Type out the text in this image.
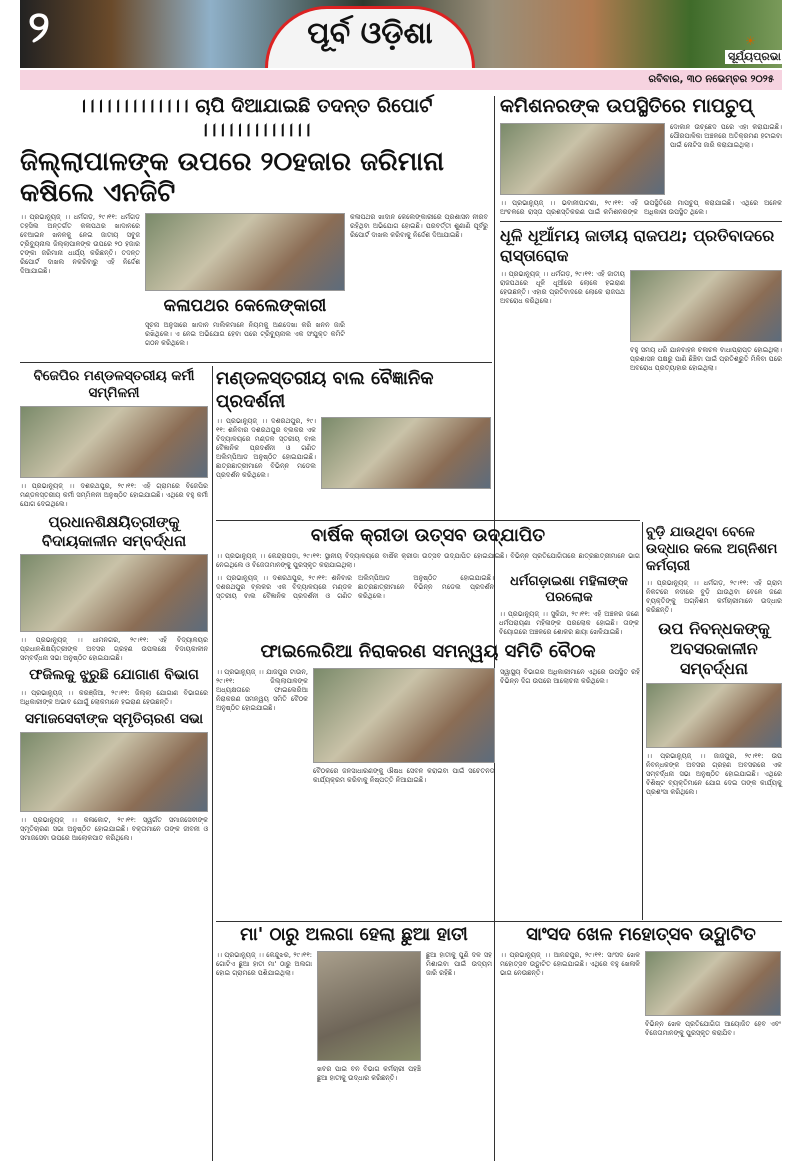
୨	ପୂର୍ବ ଓଡ଼ିଶା	☀
ସୂର୍ଯ୍ୟପ୍ରଭା
ରବିବାର, ୩୦ ନଭେମ୍ବର ୨୦୨୫
।।।।।।।।।।।।। ଚାପି ଦିଆଯାଇଛି ତଦନ୍ତ ରିପୋର୍ଟ ।।।।।।।।।।।।।
ଜିଲ୍ଲାପାଳଙ୍କ ଉପରେ ୨୦ହଜାର ଜରିମାନା କଷିଲେ ଏନଜିଟି
।। ପ୍ରଭାନ୍ୟୁଜ୍ ।। ଧର୍ମଗଡ଼, ୨୯।୧୧: ଧର୍ମଗଡ଼ ତହସିଲ ଅନ୍ତର୍ଗତ କଳାପଥର ଖାଦାନରେ ବେଆଇନ ଖନନକୁ ନେଇ ଜାତୀୟ ସବୁଜ ଟ୍ରିବ୍ୟୁନାଲ ଜିଲ୍ଲାପାଳଙ୍କ ଉପରେ ୨୦ ହଜାର ଟଙ୍କା ଜରିମାନା ଧାର୍ଯ୍ୟ କରିଛନ୍ତି। ତଦନ୍ତ ରିପୋର୍ଟ ଦାଖଲ ନକରିବାରୁ ଏହି ନିର୍ଦ୍ଦେଶ ଦିଆଯାଇଛି।
କଳାପଥର କେଲେଙ୍କାରୀ
ସୂଚନା ଅନୁସାରେ ଖାଦାନ ମାଲିକମାନେ ନିୟମକୁ ଅଣଦେଖା କରି ଖନନ ଜାରି ରଖିଥିଲେ। ଏ ନେଇ ଅଭିଯୋଗ ହେବା ପରେ ଟ୍ରିବ୍ୟୁନାଲ ଏକ ସଂଯୁକ୍ତ କମିଟି ଗଠନ କରିଥିଲେ।
କଳାପଥର ଖାଦାନ କେଲେଙ୍କାରୀରେ ପ୍ରଶାସନ ନୀରବ ରହିଥିବା ଅଭିଯୋଗ ହୋଇଛି। ପରବର୍ତ୍ତୀ ଶୁଣାଣି ପୂର୍ବରୁ ରିପୋର୍ଟ ଦାଖଲ କରିବାକୁ ନିର୍ଦ୍ଦେଶ ଦିଆଯାଇଛି।
କମିଶନରଙ୍କ ଉପସ୍ଥିତିରେ ମାପଚୁପ୍
ଦୋକାନ ଉଚ୍ଛେଦ ପରେ ଏହା କରାଯାଇଛି। ପୌରପାଳିକା ଅଞ୍ଚଳରେ ଅତିକ୍ରମଣ ହଟାଇବା ପାଇଁ ନୋଟିସ ଜାରି କରାଯାଇଥିଲା।
।। ପ୍ରଭାନ୍ୟୁଜ୍ ।। ଭବାନୀପାଟଣା, ୨୯।୧୧: ଏହି ଅଂଚଳରେ ରାସ୍ତା ପ୍ରଶସ୍ତିକରଣ ପାଇଁ କମିଶନରଙ୍କ ଉପସ୍ଥିତିରେ ମାପଚୁପ୍ କରାଯାଇଛି। ଏଥିରେ ଅନେକ ଅଧିକାରୀ ଉପସ୍ଥିତ ଥିଲେ।
ଧୂଳି ଧୂଆଁମୟ ଜାତୀୟ ରାଜପଥ; ପ୍ରତିବାଦରେ ରାସ୍ତାରୋକ
।। ପ୍ରଭାନ୍ୟୁଜ୍ ।। ଧର୍ମଗଡ଼, ୨୯।୧୧: ଏହି ଜାତୀୟ ରାଜପଥରେ ଧୂଳି ଧୂଆଁରେ ଲୋକେ ହଇରାଣ ହେଉଛନ୍ତି। ଏହାର ପ୍ରତିବାଦରେ ଲୋକେ ରାଜପଥ ଅବରୋଧ କରିଥିଲେ।
ବହୁ ସମୟ ଧରି ଯାନବାହନ ଚଳାଚଳ ବାଧାପ୍ରାପ୍ତ ହୋଇଥିଲା। ପ୍ରଶାସନ ପକ୍ଷରୁ ପାଣି ଛିଞ୍ଚିବା ପାଇଁ ପ୍ରତିଶ୍ରୁତି ମିଳିବା ପରେ ଅବରୋଧ ପ୍ରତ୍ୟାହାର ହୋଇଥିଲା।
ବିଜେପିର ମଣ୍ଡଳସ୍ତରୀୟ କର୍ମୀ ସମ୍ମିଳନୀ
।। ପ୍ରଭାନ୍ୟୁଜ୍ ।। ଦଶରଥପୁର, ୨୯।୧୧: ଏହି ଗ୍ରାମରେ ବିଜେପିର ମଣ୍ଡଳସ୍ତରୀୟ କର୍ମୀ ସମ୍ମିଳନୀ ଅନୁଷ୍ଠିତ ହୋଇଯାଇଛି। ଏଥିରେ ବହୁ କର୍ମୀ ଯୋଗ ଦେଇଥିଲେ।
ପ୍ରଧାନଶିକ୍ଷୟିତ୍ରୀଙ୍କୁ ବିଦାୟକାଳୀନ ସମ୍ବର୍ଦ୍ଧନା
।। ପ୍ରଭାନ୍ୟୁଜ୍ ।। ଧାମନଗର, ୨୯।୧୧: ଏହି ବିଦ୍ୟାଳୟର ପ୍ରଧାନଶିକ୍ଷୟିତ୍ରୀଙ୍କ ଅବସର ଗ୍ରହଣ ଉପଲକ୍ଷେ ବିଦାୟକାଳୀନ ସମ୍ବର୍ଦ୍ଧନା ସଭା ଅନୁଷ୍ଠିତ ହୋଇଯାଇଛି।
ଫଜିଲକୁ ଝୁରୁଛି ଯୋଗାଣ ବିଭାଗ
।। ପ୍ରଭାନ୍ୟୁଜ୍ ।। କରଞ୍ଜିଆ, ୨୯।୧୧: ଜିଲ୍ଲା ଯୋଗାଣ ବିଭାଗରେ ଅଧିକାରୀଙ୍କ ଅଭାବ ଯୋଗୁଁ ଲୋକମାନେ ହଇରାଣ ହେଉଛନ୍ତି।
ସମାଜସେବୀଙ୍କ ସ୍ମୃତିଚାରଣ ସଭା
।। ପ୍ରଭାନ୍ୟୁଜ୍ ।। କଳାକୋଟ, ୨୯।୧୧: ସ୍ୱର୍ଗତ ସମାଜସେବୀଙ୍କ ସ୍ମୃତିଚାରଣ ସଭା ଅନୁଷ୍ଠିତ ହୋଇଯାଇଛି। ବକ୍ତାମାନେ ତାଙ୍କ ଜୀବନୀ ଓ ସମାଜସେବା ଉପରେ ଆଲୋକପାତ କରିଥିଲେ।
ମଣ୍ଡଳସ୍ତରୀୟ ବାଲ ବୈଜ୍ଞାନିକ ପ୍ରଦର୍ଶନୀ
।। ପ୍ରଭାନ୍ୟୁଜ୍ ।। ଦଶରଥପୁର, ୨୯।୧୧: ଶନିବାର ଦଶରଥପୁର ବ୍ଲକର ଏକ ବିଦ୍ୟାଳୟରେ ମଣ୍ଡଳ ସ୍ତରୀୟ ବାଲ ବୈଜ୍ଞାନିକ ପ୍ରଦର୍ଶନୀ ଓ ଗଣିତ ଅଲିମ୍ପିଆଡ ଅନୁଷ୍ଠିତ ହୋଇଯାଇଛି। ଛାତ୍ରଛାତ୍ରୀମାନେ ବିଭିନ୍ନ ମଡେଲ ପ୍ରଦର୍ଶନ କରିଥିଲେ।
ବାର୍ଷିକ କ୍ରୀଡା ଉତ୍ସବ ଉଦ୍ଯାପିତ
।। ପ୍ରଭାନ୍ୟୁଜ୍ ।। କେନ୍ଦ୍ରାପଡ଼ା, ୨୯।୧୧: ସ୍ଥାନୀୟ ବିଦ୍ୟାଳୟରେ ବାର୍ଷିକ କ୍ରୀଡା ଉତ୍ସବ ଉଦ୍ଯାପିତ ହୋଇଯାଇଛି। ବିଭିନ୍ନ ପ୍ରତିଯୋଗିତାରେ ଛାତ୍ରଛାତ୍ରୀମାନେ ଭାଗ ନେଇଥିଲେ ଓ ବିଜେତାମାନଙ୍କୁ ପୁରସ୍କୃତ କରାଯାଇଥିଲା।
।। ପ୍ରଭାନ୍ୟୁଜ୍ ।। ଦଶରଥପୁର, ୨୯।୧୧: ଶନିବାର ଦଶରଥପୁର ବ୍ଲକର ଏକ ବିଦ୍ୟାଳୟରେ ମଣ୍ଡଳ ସ୍ତରୀୟ ବାଲ ବୈଜ୍ଞାନିକ ପ୍ରଦର୍ଶନୀ ଓ ଗଣିତ ଅଲିମ୍ପିଆଡ ଅନୁଷ୍ଠିତ ହୋଇଯାଇଛି। ଛାତ୍ରଛାତ୍ରୀମାନେ ବିଭିନ୍ନ ମଡେଲ ପ୍ରଦର୍ଶନ କରିଥିଲେ।
ଧର୍ମଗଡ଼ାଇଶା ମହିଳାଙ୍କ ପରଲୋକ
।। ପ୍ରଭାନ୍ୟୁଜ୍ ।। ସୁକିନ୍ଦା, ୨୯।୧୧: ଏହି ଅଞ୍ଚଳର ଜଣେ ଧର୍ମପରାୟଣା ମହିଳାଙ୍କ ପରଲୋକ ହୋଇଛି। ତାଙ୍କ ବିୟୋଗରେ ଅଞ୍ଚଳରେ ଶୋକର ଛାୟା ଖେଳିଯାଇଛି।
ଫାଇଲେରିଆ ନିରାକରଣ ସମନ୍ୱୟ ସମିତି ବୈଠକ
।। ପ୍ରଭାନ୍ୟୁଜ୍ ।। ଯାଜପୁର ଟାଉନ, ୨୯।୧୧: ଜିଲ୍ଲାପାଳଙ୍କ ଅଧ୍ୟକ୍ଷତାରେ ଫାଇଲେରିଆ ନିରାକରଣ ସମନ୍ୱୟ ସମିତି ବୈଠକ ଅନୁଷ୍ଠିତ ହୋଇଯାଇଛି।
ବୈଠକରେ ଜନସାଧାରଣଙ୍କୁ ଔଷଧ ସେବନ କରାଇବା ପାଇଁ ସଚେତନତା କାର୍ଯ୍ୟକ୍ରମ କରିବାକୁ ନିଷ୍ପତ୍ତି ନିଆଯାଇଛି।
ସ୍ୱାସ୍ଥ୍ୟ ବିଭାଗର ଅଧିକାରୀମାନେ ଏଥିରେ ଉପସ୍ଥିତ ରହି ବିଭିନ୍ନ ଦିଗ ଉପରେ ଆଲୋଚନା କରିଥିଲେ।
ବୁଡ଼ି ଯାଉଥିବା ବେଳେ ଉଦ୍ଧାର କଲେ ଅଗ୍ନିଶମ କର୍ମଚାରୀ
।। ପ୍ରଭାନ୍ୟୁଜ୍ ।। ଧର୍ମଗଡ଼, ୨୯।୧୧: ଏହି ଗ୍ରାମ ନିକଟରେ ନଦୀରେ ବୁଡ଼ି ଯାଉଥିବା ବେଳେ ଜଣେ ବ୍ୟକ୍ତିଙ୍କୁ ଅଗ୍ନିଶମ କର୍ମଚାରୀମାନେ ଉଦ୍ଧାର କରିଛନ୍ତି।
ଉପ ନିବନ୍ଧକଙ୍କୁ ଅବସରକାଳୀନ ସମ୍ବର୍ଦ୍ଧନା
।। ପ୍ରଭାନ୍ୟୁଜ୍ ।। ଜାଜପୁର, ୨୯।୧୧: ଉପ ନିବନ୍ଧକଙ୍କ ଅବସର ଗ୍ରହଣ ଅବସରରେ ଏକ ସମ୍ବର୍ଦ୍ଧନା ସଭା ଅନୁଷ୍ଠିତ ହୋଇଯାଇଛି। ଏଥିରେ ବିଶିଷ୍ଟ ବ୍ୟକ୍ତିମାନେ ଯୋଗ ଦେଇ ତାଙ୍କ କାର୍ଯ୍ୟକୁ ପ୍ରଶଂସା କରିଥିଲେ।
ମା' ଠାରୁ ଅଲଗା ହେଲା ଛୁଆ ହାତୀ
।। ପ୍ରଭାନ୍ୟୁଜ୍ ।। କେନ୍ଦୁଝର, ୨୯।୧୧: ଗୋଟିଏ ଛୁଆ ହାତୀ ମା' ଠାରୁ ଅଲଗା ହୋଇ ଗ୍ରାମରେ ପଶିଯାଇଥିଲା।
ଖବର ପାଇ ବନ ବିଭାଗ କର୍ମଚାରୀ ପହଞ୍ଚି ଛୁଆ ହାତୀକୁ ଉଦ୍ଧାର କରିଛନ୍ତି।
ଛୁଆ ହାତୀକୁ ପୁଣି ଦଳ ସହ ମିଶାଇବା ପାଇଁ ଉଦ୍ୟମ ଜାରି ରହିଛି।
ସାଂସଦ ଖେଳ ମହୋତ୍ସବ ଉଦ୍ଘାଟିତ
।। ପ୍ରଭାନ୍ୟୁଜ୍ ।। ଆନନ୍ଦପୁର, ୨୯।୧୧: ସାଂସଦ ଖେଳ ମହୋତ୍ସବ ଉଦ୍ଘାଟିତ ହୋଇଯାଇଛି। ଏଥିରେ ବହୁ ଖେଳାଳି ଭାଗ ନେଉଛନ୍ତି।
ବିଭିନ୍ନ ଖେଳ ପ୍ରତିଯୋଗିତା ଆୟୋଜିତ ହେବ ଏବଂ ବିଜେତାମାନଙ୍କୁ ପୁରସ୍କୃତ କରାଯିବ।
